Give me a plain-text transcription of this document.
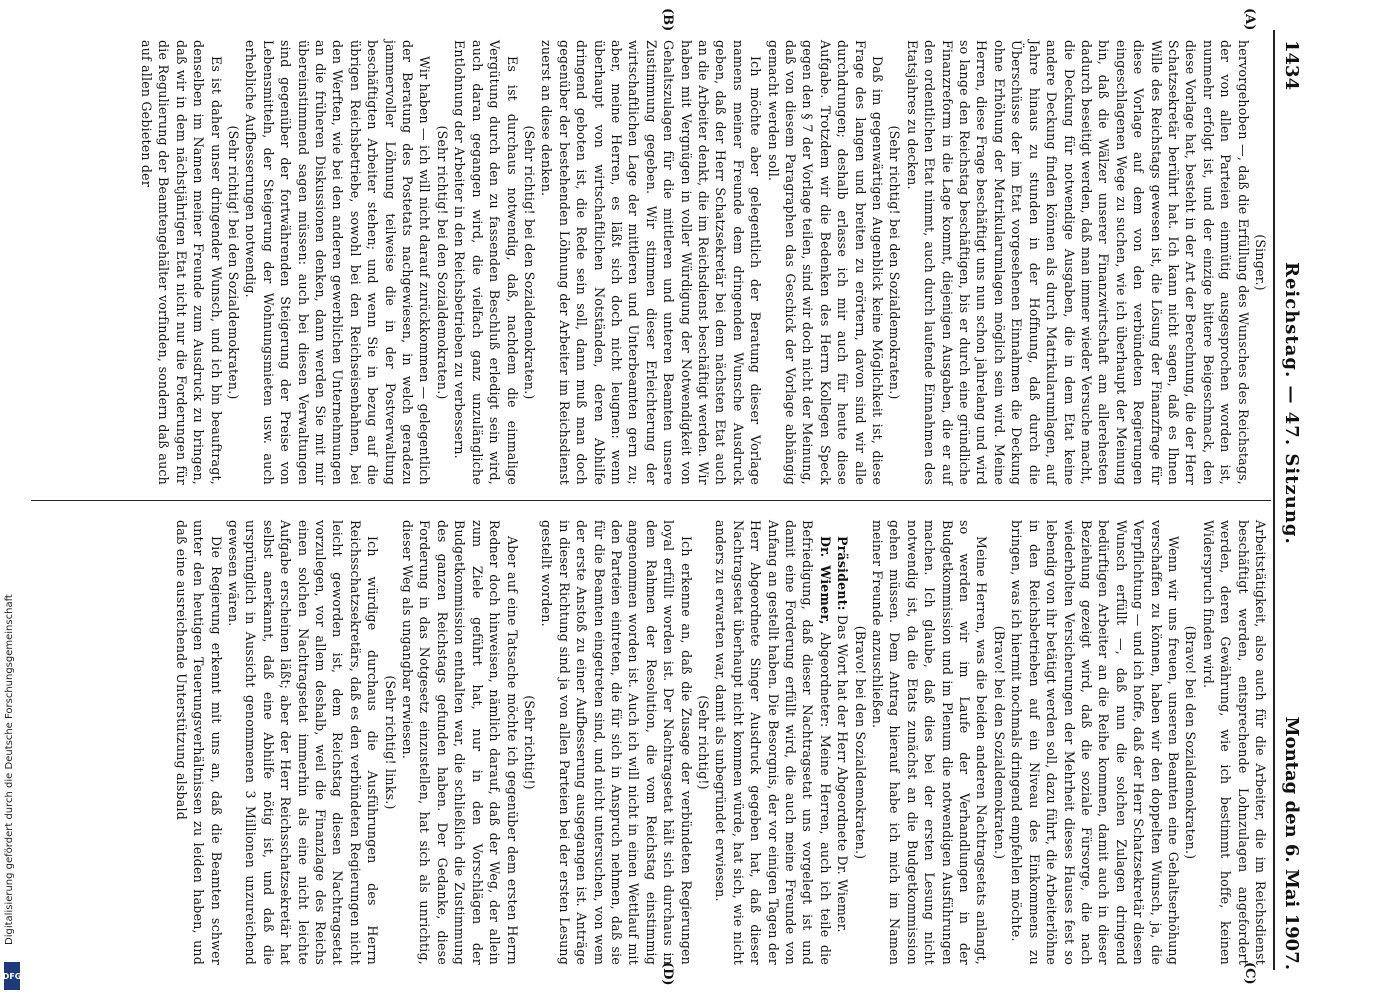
Digitalisierung gefördert durch die Deutsche Forschungsgemeinschaft
DFG
1434
Reichstag. — 47. Sitzung.
Montag den 6. Mai 1907.
(A)
(B)
(C)
(D)

(Singer.)

hervorgehoben —, daß die Erfüllung des Wunsches des Reichstags, der von allen Parteien einmütig ausgesprochen worden ist, nunmehr erfolgt ist, und der einzige bittere Beigeschmack, den diese Vorlage hat, besteht in der Art der Berechnung, die der Herr Schatzsekretär berührt hat. Ich kann nicht sagen, daß es Ihnen Wille des Reichstags gewesen ist, die Lösung der Finanzfrage für diese Vorlage auf dem von den verbündeten Regierungen eingeschlagenen Wege zu suchen, wie ich überhaupt der Meinung bin, daß die Wälzer unserer Finanzwirtschaft am allerehesten dadurch beseitigt werden, daß man immer wieder Versuche macht, die Deckung für notwendige Ausgaben, die in dem Etat keine andere Deckung finden können als durch Matrikularumlagen, auf Jahre hinaus zu stunden in der Hoffnung, daß durch die Überschüsse der im Etat vorgesehenen Einnahmen die Deckung ohne Erhöhung der Matrikularumlagen möglich sein wird. Meine Herren, diese Frage beschäftigt uns nun schon jahrelang und wird so lange den Reichstag beschäftigen, bis er durch eine gründliche Finanzreform in die Lage kommt, diejenigen Ausgaben, die er auf den ordentlichen Etat nimmt, auch durch laufende Einnahmen des Etatsjahres zu decken.

(Sehr richtig! bei den Sozialdemokraten.)

Daß im gegenwärtigen Augenblick keine Möglichkeit ist, diese Frage des langen und breiten zu erörtern, davon sind wir alle durchdrungen; deshalb erlasse ich mir auch für heute diese Aufgabe. Trotzdem wir die Bedenken des Herrn Kollegen Speck gegen den § 7 der Vorlage teilen, sind wir doch nicht der Meinung, daß von diesem Paragraphen das Geschick der Vorlage abhängig gemacht werden soll.

Ich möchte aber gelegentlich der Beratung dieser Vorlage namens meiner Freunde dem dringenden Wunsche Ausdruck geben, daß der Herr Schatzsekretär bei dem nächsten Etat auch an die Arbeiter denkt, die im Reichsdienst beschäftigt werden. Wir haben mit Vergnügen in voller Würdigung der Notwendigkeit von Gehaltszulagen für die mittleren und unteren Beamten unsere Zustimmung gegeben. Wir stimmen dieser Erleichterung der wirtschaftlichen Lage der mittleren und Unterbeamten gern zu; aber, meine Herren, es läßt sich doch nicht leugnen: wenn überhaupt von wirtschaftlichen Notständen, deren Abhilfe dringend geboten ist, die Rede sein soll, dann muß man doch gegenüber der bestehenden Löhnung der Arbeiter im Reichsdienst zuerst an diese denken.

(Sehr richtig! bei den Sozialdemokraten.)

Es ist durchaus notwendig, daß, nachdem die einmalige Vergütung durch den zu fassenden Beschluß erledigt sein wird, auch daran gegangen wird, die vielfach ganz unzulängliche Entlohnung der Arbeiter in den Reichsbetrieben zu verbessern.

(Sehr richtig! bei den Sozialdemokraten.)

Wir haben — ich will nicht darauf zurückkommen — gelegentlich der Beratung des Postetats nachgewiesen, in welch geradezu jammervoller Löhnung teilweise die in der Postverwaltung beschäftigten Arbeiter stehen; und wenn Sie in bezug auf die übrigen Reichsbetriebe, sowohl bei den Reichseisenbahnen, bei den Werften, wie bei den anderen gewerblichen Unternehmungen an die früheren Diskussionen denken, dann werden Sie mit mir übereinstimmend sagen müssen: auch bei diesen Verwaltungen sind gegenüber der fortwährenden Steigerung der Preise von Lebensmitteln, der Steigerung der Wohnungsmieten usw. auch erhebliche Aufbesserungen notwendig.

(Sehr richtig! bei den Sozialdemokraten.)

Es ist daher unser dringender Wunsch, und ich bin beauftragt, denselben im Namen meiner Freunde zum Ausdruck zu bringen, daß wir in dem nächstjährigen Etat nicht nur die Forderungen für die Regulierung der Beamtengehälter vorfinden, sondern daß auch auf allen Gebieten der

Arbeitstätigkeit, also auch für die Arbeiter, die im Reichsdienst beschäftigt werden, entsprechende Lohnzulagen angefordert werden, deren Gewährung, wie ich bestimmt hoffe, keinen Widerspruch finden wird.

(Bravo! bei den Sozialdemokraten.)

Wenn wir uns freuen, unseren Beamten eine Gehaltserhöhung verschaffen zu können, haben wir den doppelten Wunsch, ja, die Verpflichtung — und ich hoffe, daß der Herr Schatzsekretär diesen Wunsch erfüllt —, daß nun die solchen Zulagen dringend bedürftigen Arbeiter an die Reihe kommen, damit auch in dieser Beziehung gezeigt wird, daß die soziale Fürsorge, die nach wiederholten Versicherungen der Mehrheit dieses Hauses fest so lebendig von ihr betätigt werden soll, dazu führt, die Arbeiterlöhne in den Reichsbetrieben auf ein Niveau des Einkommens zu bringen, was ich hiermit nochmals dringend empfehlen möchte.

(Bravo! bei den Sozialdemokraten.)

Meine Herren, was die beiden anderen Nachtragsetats anlangt, so werden wir im Laufe der Verhandlungen in der Budgetkommission und im Plenum die notwendigen Ausführungen machen. Ich glaube, daß dies bei der ersten Lesung nicht notwendig ist, da die Etats zunächst an die Budgetkommission gehen müssen. Dem Antrag hierauf habe ich mich im Namen meiner Freunde anzuschließen.

(Bravo! bei den Sozialdemokraten.)

Präsident: Das Wort hat der Herr Abgeordnete Dr. Wiemer.

Dr. Wiemer, Abgeordneter: Meine Herren, auch ich teile die Befriedigung, daß dieser Nachtragsetat uns vorgelegt ist und damit eine Forderung erfüllt wird, die auch meine Freunde von Anfang an gestellt haben. Die Besorgnis, der vor einigen Tagen der Herr Abgeordnete Singer Ausdruck gegeben hat, daß dieser Nachtragsetat überhaupt nicht kommen würde, hat sich, wie nicht anders zu erwarten war, damit als unbegründet erwiesen.

(Sehr richtig!)

Ich erkenne an, daß die Zusage der verbündeten Regierungen loyal erfüllt worden ist. Der Nachtragsetat hält sich durchaus in dem Rahmen der Resolution, die vom Reichstag einstimmig angenommen worden ist. Auch ich will nicht in einen Wettlauf mit den Parteien eintreten, die für sich in Anspruch nehmen, daß sie für die Beamten eingetreten sind, und nicht untersuchen, von wem der erste Anstoß zu einer Aufbesserung ausgegangen ist. Anträge in dieser Richtung sind ja von allen Parteien bei der ersten Lesung gestellt worden.

(Sehr richtig!)

Aber auf eine Tatsache möchte ich gegenüber dem ersten Herrn Redner doch hinweisen, nämlich darauf, daß der Weg, der allein zum Ziele geführt hat, nur in den Vorschlägen der Budgetkommission enthalten war, die schließlich die Zustimmung des ganzen Reichstags gefunden haben. Der Gedanke, diese Forderung in das Notgesetz einzustellen, hat sich als unrichtig, dieser Weg als ungangbar erwiesen.

(Sehr richtig! links.)

Ich würdige durchaus die Ausführungen des Herrn Reichsschatzsekretärs, daß es den verbündeten Regierungen nicht leicht geworden ist, dem Reichstag diesen Nachtragsetat vorzulegen, vor allem deshalb, weil die Finanzlage des Reichs einen solchen Nachtragsetat immerhin als eine nicht leichte Aufgabe erscheinen läßt; aber der Herr Reichsschatzsekretär hat selbst anerkannt, daß eine Abhilfe nötig ist, und daß die ursprünglich in Aussicht genommenen 3 Millionen unzureichend gewesen wären.

Die Regierung erkennt mit uns an, daß die Beamten schwer unter den heutigen Teuerungsverhältnissen zu leiden haben, und daß eine ausreichende Unterstützung alsbald
